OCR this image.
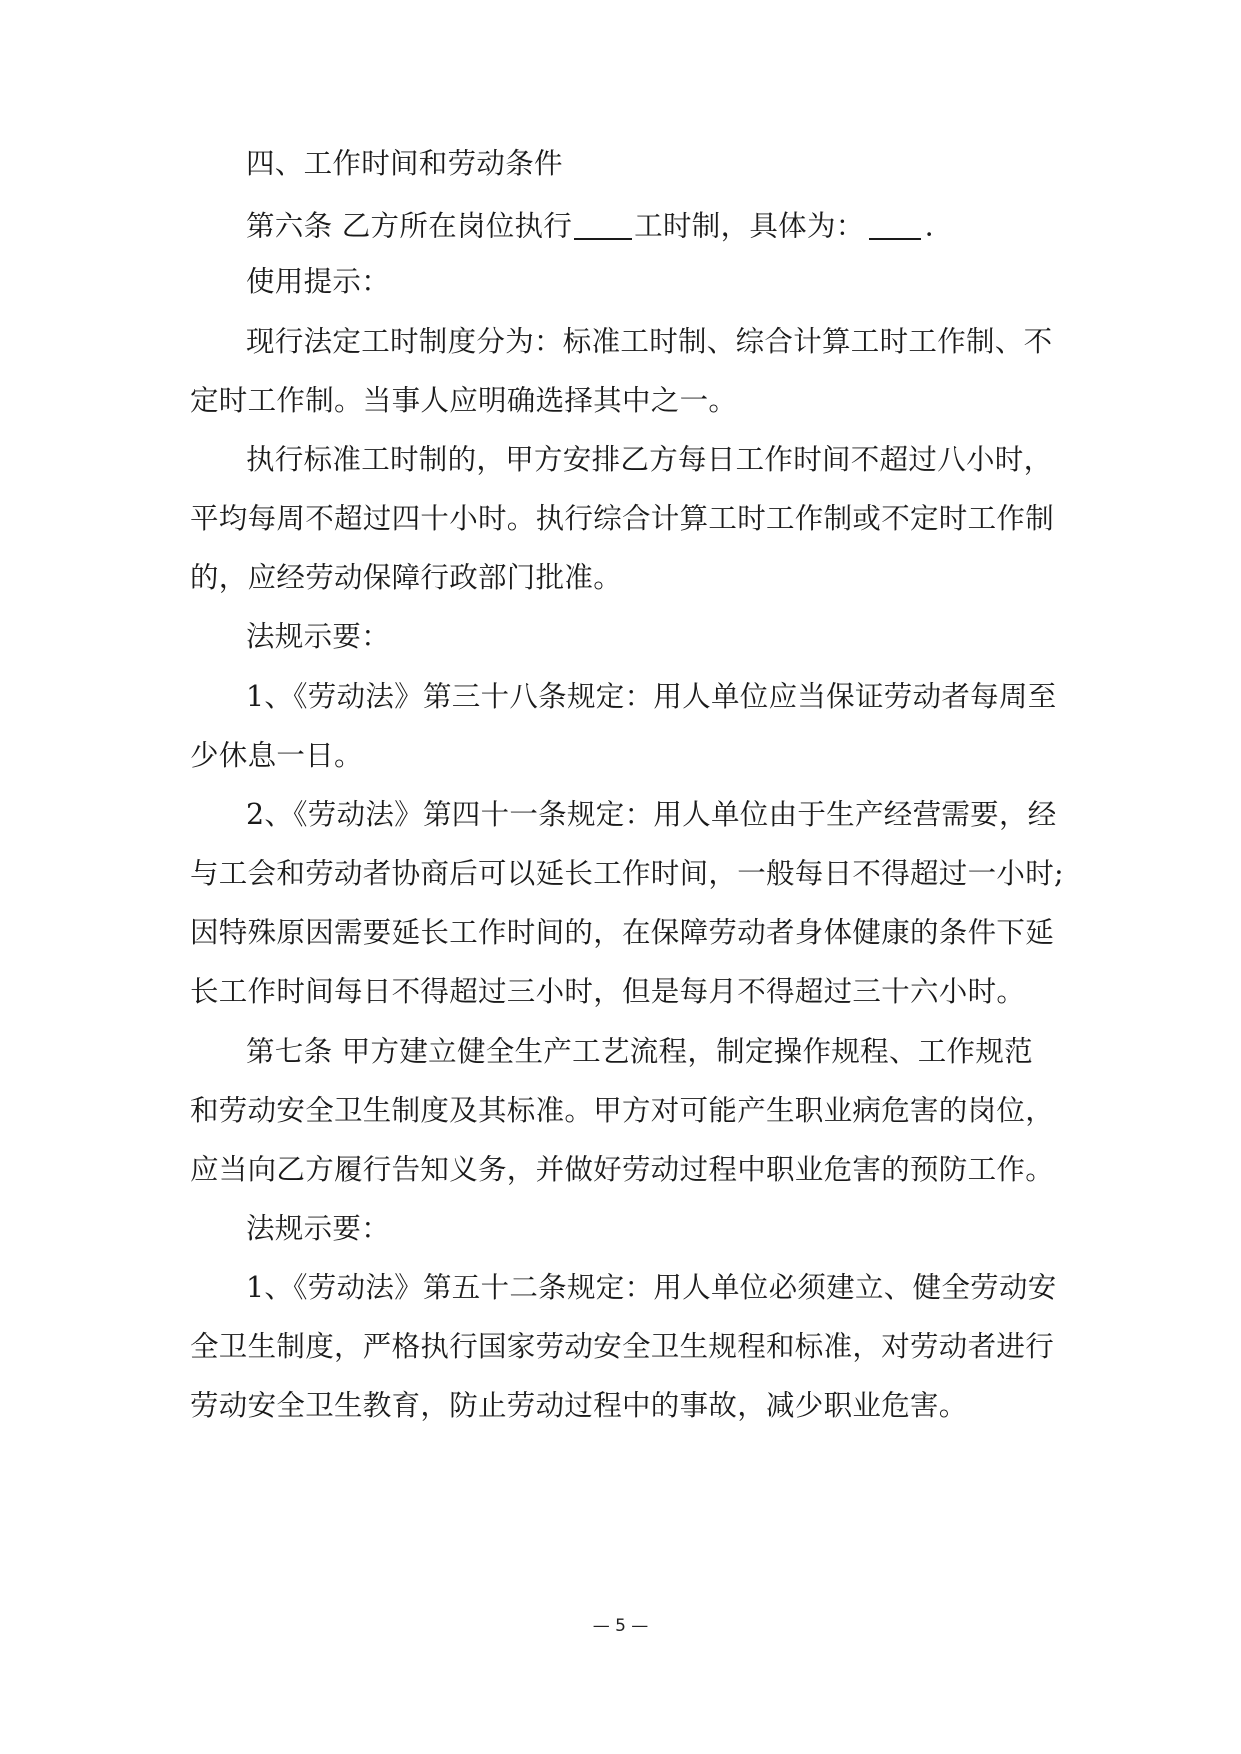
四、工作时间和劳动条件
第六条 乙方所在岗位执行 工时制，具体为： .
使用提示：
现行法定工时制度分为：标准工时制、综合计算工时工作制、不
定时工作制。当事人应明确选择其中之一。
执行标准工时制的，甲方安排乙方每日工作时间不超过八小时，
平均每周不超过四十小时。执行综合计算工时工作制或不定时工作制
的，应经劳动保障行政部门批准。
法规示要：
1、《劳动法》第三十八条规定：用人单位应当保证劳动者每周至
少休息一日。
2、《劳动法》第四十一条规定：用人单位由于生产经营需要，经
与工会和劳动者协商后可以延长工作时间，一般每日不得超过一小时;
因特殊原因需要延长工作时间的，在保障劳动者身体健康的条件下延
长工作时间每日不得超过三小时，但是每月不得超过三十六小时。
第七条 甲方建立健全生产工艺流程，制定操作规程、工作规范
和劳动安全卫生制度及其标准。甲方对可能产生职业病危害的岗位，
应当向乙方履行告知义务，并做好劳动过程中职业危害的预防工作。
法规示要：
1、《劳动法》第五十二条规定：用人单位必须建立、健全劳动安
全卫生制度，严格执行国家劳动安全卫生规程和标准，对劳动者进行
劳动安全卫生教育，防止劳动过程中的事故，减少职业危害。
— 5 —
